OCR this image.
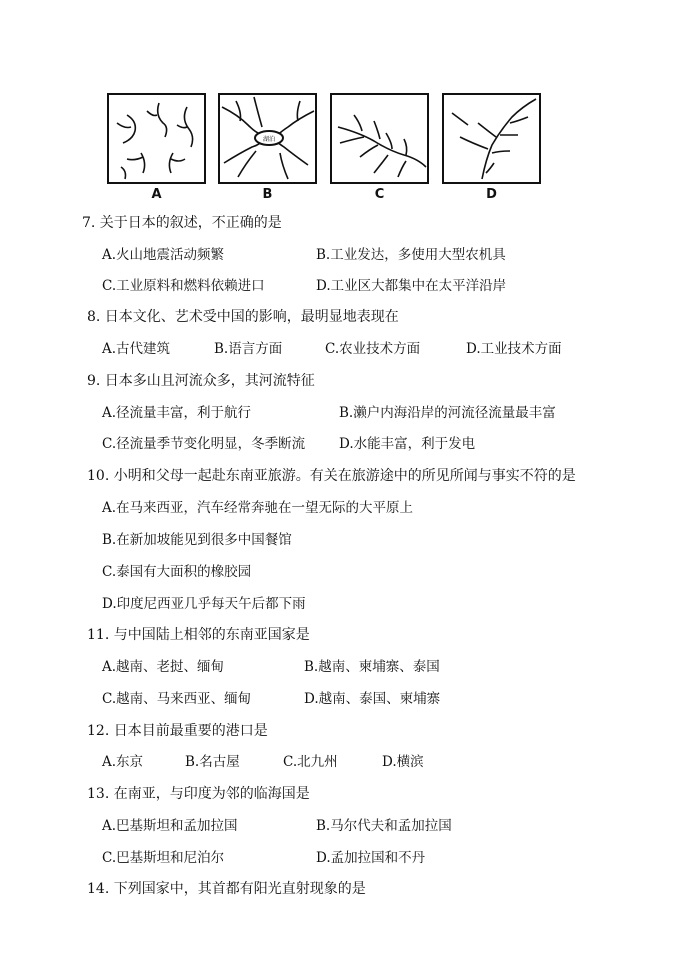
A
湖泊
B	C	D
7. 关于日本的叙述，不正确的是
A.火山地震活动频繁	B.工业发达，多使用大型农机具
C.工业原料和燃料依赖进口	D.工业区大都集中在太平洋沿岸
8. 日本文化、艺术受中国的影响，最明显地表现在
A.古代建筑	B.语言方面	C.农业技术方面	D.工业技术方面
9. 日本多山且河流众多，其河流特征
A.径流量丰富，利于航行	B.濑户内海沿岸的河流径流量最丰富
C.径流量季节变化明显，冬季断流	D.水能丰富，利于发电
10. 小明和父母一起赴东南亚旅游。有关在旅游途中的所见所闻与事实不符的是
A.在马来西亚，汽车经常奔驰在一望无际的大平原上
B.在新加坡能见到很多中国餐馆
C.泰国有大面积的橡胶园
D.印度尼西亚几乎每天午后都下雨
11. 与中国陆上相邻的东南亚国家是
A.越南、老挝、缅甸	B.越南、柬埔寨、泰国
C.越南、马来西亚、缅甸	D.越南、泰国、柬埔寨
12. 日本目前最重要的港口是
A.东京	B.名古屋	C.北九州	D.横滨
13. 在南亚，与印度为邻的临海国是
A.巴基斯坦和孟加拉国	B.马尔代夫和孟加拉国
C.巴基斯坦和尼泊尔	D.孟加拉国和不丹
14. 下列国家中，其首都有阳光直射现象的是
